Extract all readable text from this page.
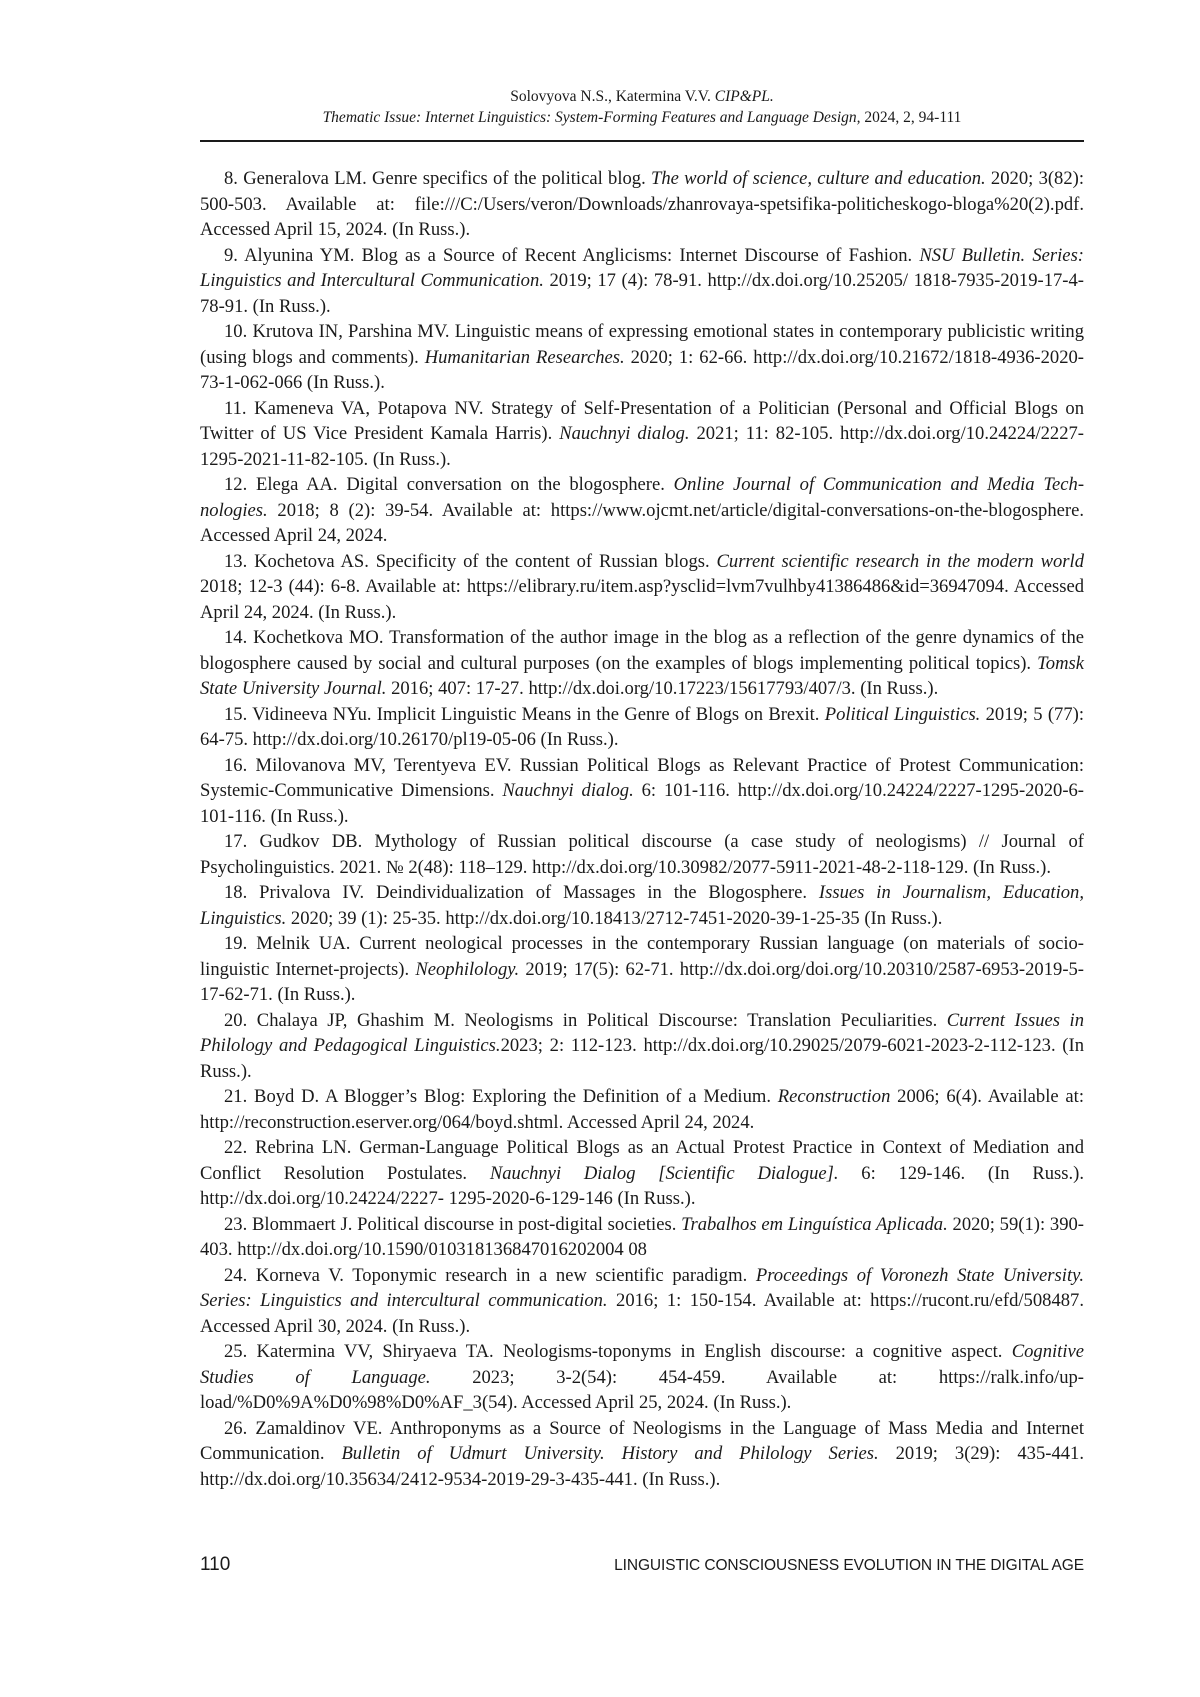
Solovyova N.S., Katermina V.V. CIP&PL.
Thematic Issue: Internet Linguistics: System-Forming Features and Language Design, 2024, 2, 94-111
8. Generalova LM. Genre specifics of the political blog. The world of science, culture and education. 2020; 3(82): 500-503. Available at: file:///C:/Users/veron/Downloads/zhanrovaya-spetsifika-politicheskogo-bloga%20(2).pdf. Accessed April 15, 2024. (In Russ.).
9. Alyunina YM. Blog as a Source of Recent Anglicisms: Internet Discourse of Fashion. NSU Bulletin. Series: Linguistics and Intercultural Communication. 2019; 17 (4): 78-91. http://dx.doi.org/10.25205/ 1818-7935-2019-17-4-78-91. (In Russ.).
10. Krutova IN, Parshina MV. Linguistic means of expressing emotional states in contemporary publicistic writing (using blogs and comments). Humanitarian Researches. 2020; 1: 62-66. http://dx.doi.org/10.21672/1818-4936-2020-73-1-062-066 (In Russ.).
11. Kameneva VA, Potapova NV. Strategy of Self-Presentation of a Politician (Personal and Official Blogs on Twitter of US Vice President Kamala Harris). Nauchnyi dialog. 2021; 11: 82-105. http://dx.doi.org/10.24224/2227-1295-2021-11-82-105. (In Russ.).
12. Elega AA. Digital conversation on the blogosphere. Online Journal of Communication and Media Technologies. 2018; 8 (2): 39-54. Available at: https://www.ojcmt.net/article/digital-conversations-on-the-blogosphere. Accessed April 24, 2024.
13. Kochetova AS. Specificity of the content of Russian blogs. Current scientific research in the modern world 2018; 12-3 (44): 6-8. Available at: https://elibrary.ru/item.asp?ysclid=lvm7vulhby41386486&id=36947094. Accessed April 24, 2024. (In Russ.).
14. Kochetkova MO. Transformation of the author image in the blog as a reflection of the genre dynamics of the blogosphere caused by social and cultural purposes (on the examples of blogs implementing political topics). Tomsk State University Journal. 2016; 407: 17-27. http://dx.doi.org/10.17223/15617793/407/3. (In Russ.).
15. Vidineeva NYu. Implicit Linguistic Means in the Genre of Blogs on Brexit. Political Linguistics. 2019; 5 (77): 64-75. http://dx.doi.org/10.26170/pl19-05-06 (In Russ.).
16. Milovanova MV, Terentyeva EV. Russian Political Blogs as Relevant Practice of Protest Communication: Systemic-Communicative Dimensions. Nauchnyi dialog. 6: 101-116. http://dx.doi.org/10.24224/2227-1295-2020-6-101-116. (In Russ.).
17. Gudkov DB. Mythology of Russian political discourse (a case study of neologisms) // Journal of Psycholinguistics. 2021. № 2(48): 118–129. http://dx.doi.org/10.30982/2077-5911-2021-48-2-118-129. (In Russ.).
18. Privalova IV. Deindividualization of Massages in the Blogosphere. Issues in Journalism, Education, Linguistics. 2020; 39 (1): 25-35. http://dx.doi.org/10.18413/2712-7451-2020-39-1-25-35 (In Russ.).
19. Melnik UA. Current neological processes in the contemporary Russian language (on materials of sociolinguistic Internet-projects). Neophilology. 2019; 17(5): 62-71. http://dx.doi.org/doi.org/10.20310/2587-6953-2019-5-17-62-71. (In Russ.).
20. Chalaya JP, Ghashim M. Neologisms in Political Discourse: Translation Peculiarities. Current Issues in Philology and Pedagogical Linguistics.2023; 2: 112-123. http://dx.doi.org/10.29025/2079-6021-2023-2-112-123. (In Russ.).
21. Boyd D. A Blogger’s Blog: Exploring the Definition of a Medium. Reconstruction 2006; 6(4). Available at: http://reconstruction.eserver.org/064/boyd.shtml. Accessed April 24, 2024.
22. Rebrina LN. German-Language Political Blogs as an Actual Protest Practice in Context of Mediation and Conflict Resolution Postulates. Nauchnyi Dialog [Scientific Dialogue]. 6: 129-146. (In Russ.). http://dx.doi.org/10.24224/2227- 1295-2020-6-129-146 (In Russ.).
23. Blommaert J. Political discourse in post-digital societies. Trabalhos em Linguística Aplicada. 2020; 59(1): 390-403. http://dx.doi.org/10.1590/010318136847016202004 08
24. Korneva V. Toponymic research in a new scientific paradigm. Proceedings of Voronezh State University. Series: Linguistics and intercultural communication. 2016; 1: 150-154. Available at: https://rucont.ru/efd/508487. Accessed April 30, 2024. (In Russ.).
25. Katermina VV, Shiryaeva TA. Neologisms-toponyms in English discourse: a cognitive aspect. Cognitive Studies of Language. 2023; 3-2(54): 454-459. Available at: https://ralk.info/upload/%D0%9A%D0%98%D0%AF_3(54). Accessed April 25, 2024. (In Russ.).
26. Zamaldinov VE. Anthroponyms as a Source of Neologisms in the Language of Mass Media and Internet Communication. Bulletin of Udmurt University. History and Philology Series. 2019; 3(29): 435-441. http://dx.doi.org/10.35634/2412-9534-2019-29-3-435-441. (In Russ.).
110	LINGUISTIC CONSCIOUSNESS EVOLUTION IN THE DIGITAL AGE
